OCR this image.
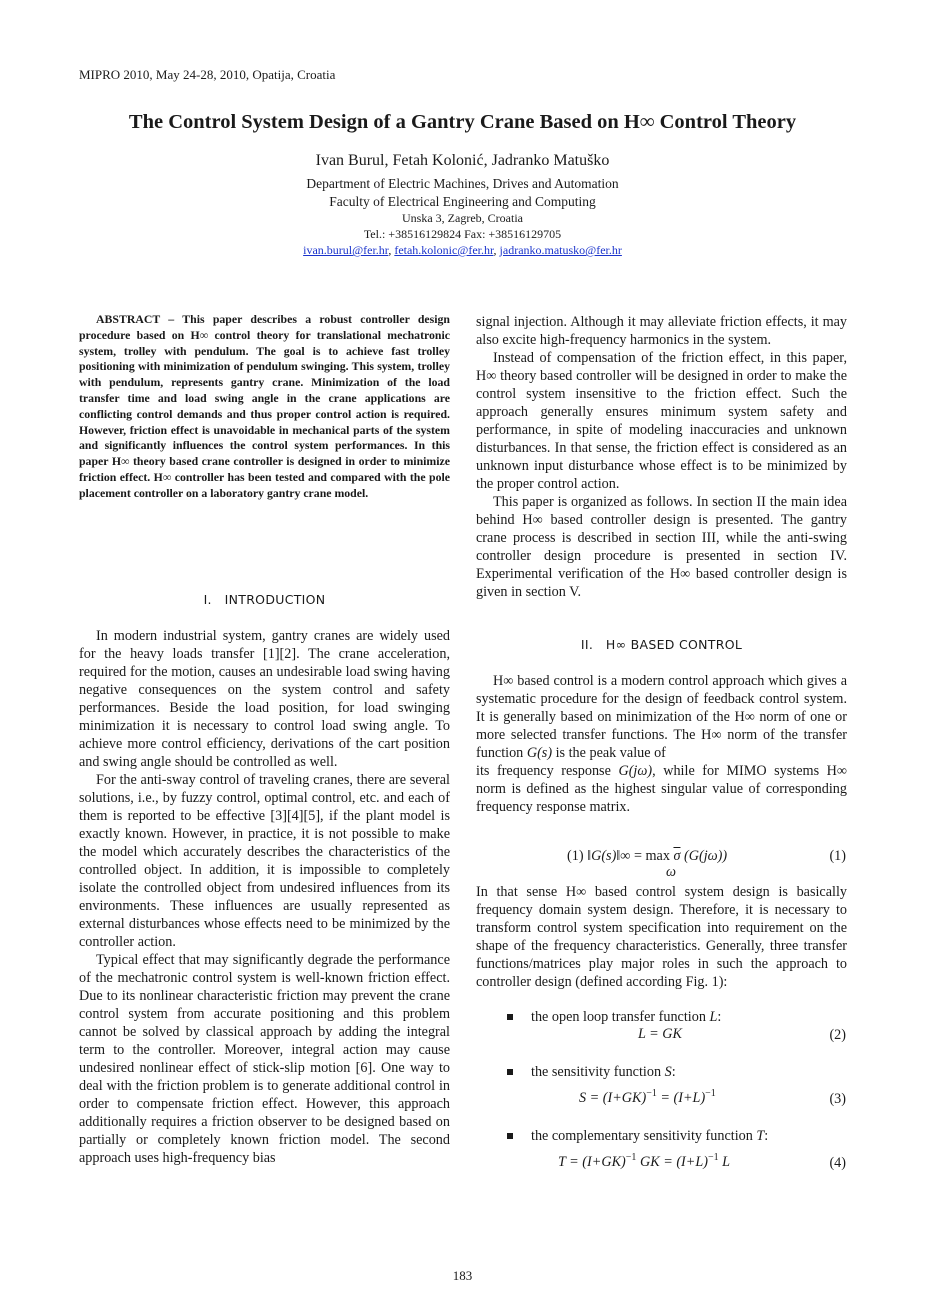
MIPRO 2010, May 24-28, 2010, Opatija, Croatia
The Control System Design of a Gantry Crane Based on H∞ Control Theory
Ivan Burul, Fetah Kolonić, Jadranko Matuško
Department of Electric Machines, Drives and Automation
Faculty of Electrical Engineering and Computing
Unska 3, Zagreb, Croatia
Tel.: +38516129824 Fax: +38516129705
ivan.burul@fer.hr, fetah.kolonic@fer.hr, jadranko.matusko@fer.hr

ABSTRACT – This paper describes a robust controller design procedure based on H∞ control theory for translational mechatronic system, trolley with pendulum. The goal is to achieve fast trolley positioning with minimization of pendulum swinging. This system, trolley with pendulum, represents gantry crane. Minimization of the load transfer time and load swing angle in the crane applications are conflicting control demands and thus proper control action is required. However, friction effect is unavoidable in mechanical parts of the system and significantly influences the control system performances. In this paper H∞ theory based crane controller is designed in order to minimize friction effect. H∞ controller has been tested and compared with the pole placement controller on a laboratory gantry crane model.

I. INTRODUCTION

In modern industrial system, gantry cranes are widely used for the heavy loads transfer [1][2]. The crane acceleration, required for the motion, causes an undesirable load swing having negative consequences on the system control and safety performances. Beside the load position, for load swinging minimization it is necessary to control load swing angle. To achieve more control efficiency, derivations of the cart position and swing angle should be controlled as well.

For the anti-sway control of traveling cranes, there are several solutions, i.e., by fuzzy control, optimal control, etc. and each of them is reported to be effective [3][4][5], if the plant model is exactly known. However, in practice, it is not possible to make the model which accurately describes the characteristics of the controlled object. In addition, it is impossible to completely isolate the controlled object from undesired influences from its environments. These influences are usually represented as external disturbances whose effects need to be minimized by the controller action.

Typical effect that may significantly degrade the performance of the mechatronic control system is well-known friction effect. Due to its nonlinear characteristic friction may prevent the crane control system from accurate positioning and this problem cannot be solved by classical approach by adding the integral term to the controller. Moreover, integral action may cause undesired nonlinear effect of stick-slip motion [6]. One way to deal with the friction problem is to generate additional control in order to compensate friction effect. However, this approach additionally requires a friction observer to be designed based on partially or completely known friction model. The second approach uses high-frequency bias

signal injection. Although it may alleviate friction effects, it may also excite high-frequency harmonics in the system.

Instead of compensation of the friction effect, in this paper, H∞ theory based controller will be designed in order to make the control system insensitive to the friction effect. Such the approach generally ensures minimum system safety and performance, in spite of modeling inaccuracies and unknown disturbances. In that sense, the friction effect is considered as an unknown input disturbance whose effect is to be minimized by the proper control action.

This paper is organized as follows. In section II the main idea behind H∞ based controller design is presented. The gantry crane process is described in section III, while the anti-swing controller design procedure is presented in section IV. Experimental verification of the H∞ based controller design is given in section V.

II. H∞ BASED CONTROL

H∞ based control is a modern control approach which gives a systematic procedure for the design of feedback control system. It is generally based on minimization of the H∞ norm of one or more selected transfer functions. The H∞ norm of the transfer function G(s) is the peak value of
its frequency response G(jω), while for MIMO systems H∞ norm is defined as the highest singular value of corresponding frequency response matrix.

(1) ‖G(s)‖∞ = $\max \overline{\sigma}$ (G(jω))
ω
(1)

In that sense H∞ based control system design is basically frequency domain system design. Therefore, it is necessary to transform control system specification into requirement on the shape of the frequency characteristics. Generally, three transfer functions/matrices play major roles in such the approach to controller design (defined according Fig. 1):

the open loop transfer function L:
L = GK	(2)
the sensitivity function S:
$S = (I+GK)^{-1} = (I+L)^{-1}$	(3)
the complementary sensitivity function T:
$T = (I+GK)^{-1}$ GK = $(I+L)^{-1}$ L	(4)
183
